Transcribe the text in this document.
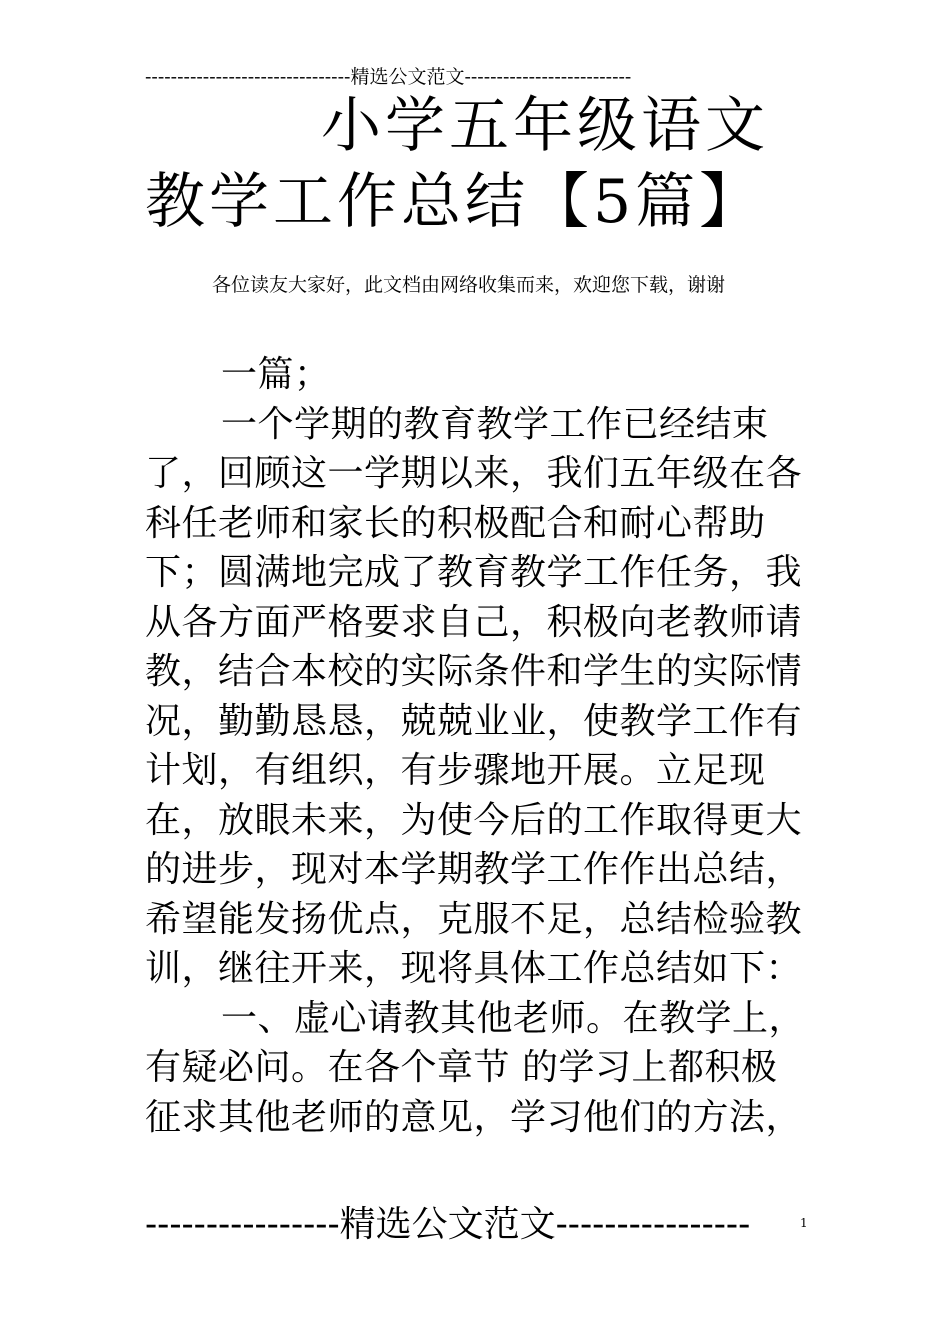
--------------------------------精选公文范文--------------------------
小学五年级语文教学工作总结【5篇】
各位读友大家好，此文档由网络收集而来，欢迎您下载，谢谢

一篇；

一个学期的教育教学工作已经结束了，回顾这一学期以来，我们五年级在各科任老师和家长的积极配合和耐心帮助下；圆满地完成了教育教学工作任务，我从各方面严格要求自己，积极向老教师请教，结合本校的实际条件和学生的实际情况，勤勤恳恳，兢兢业业，使教学工作有计划，有组织，有步骤地开展。立足现在，放眼未来，为使今后的工作取得更大的进步，现对本学期教学工作作出总结，希望能发扬优点，克服不足，总结检验教训，继往开来，现将具体工作总结如下：

一、虚心请教其他老师。在教学上，有疑必问。在各个章节 的学习上都积极征求其他老师的意见，学习他们的方法，

----------------精选公文范文----------------	1
